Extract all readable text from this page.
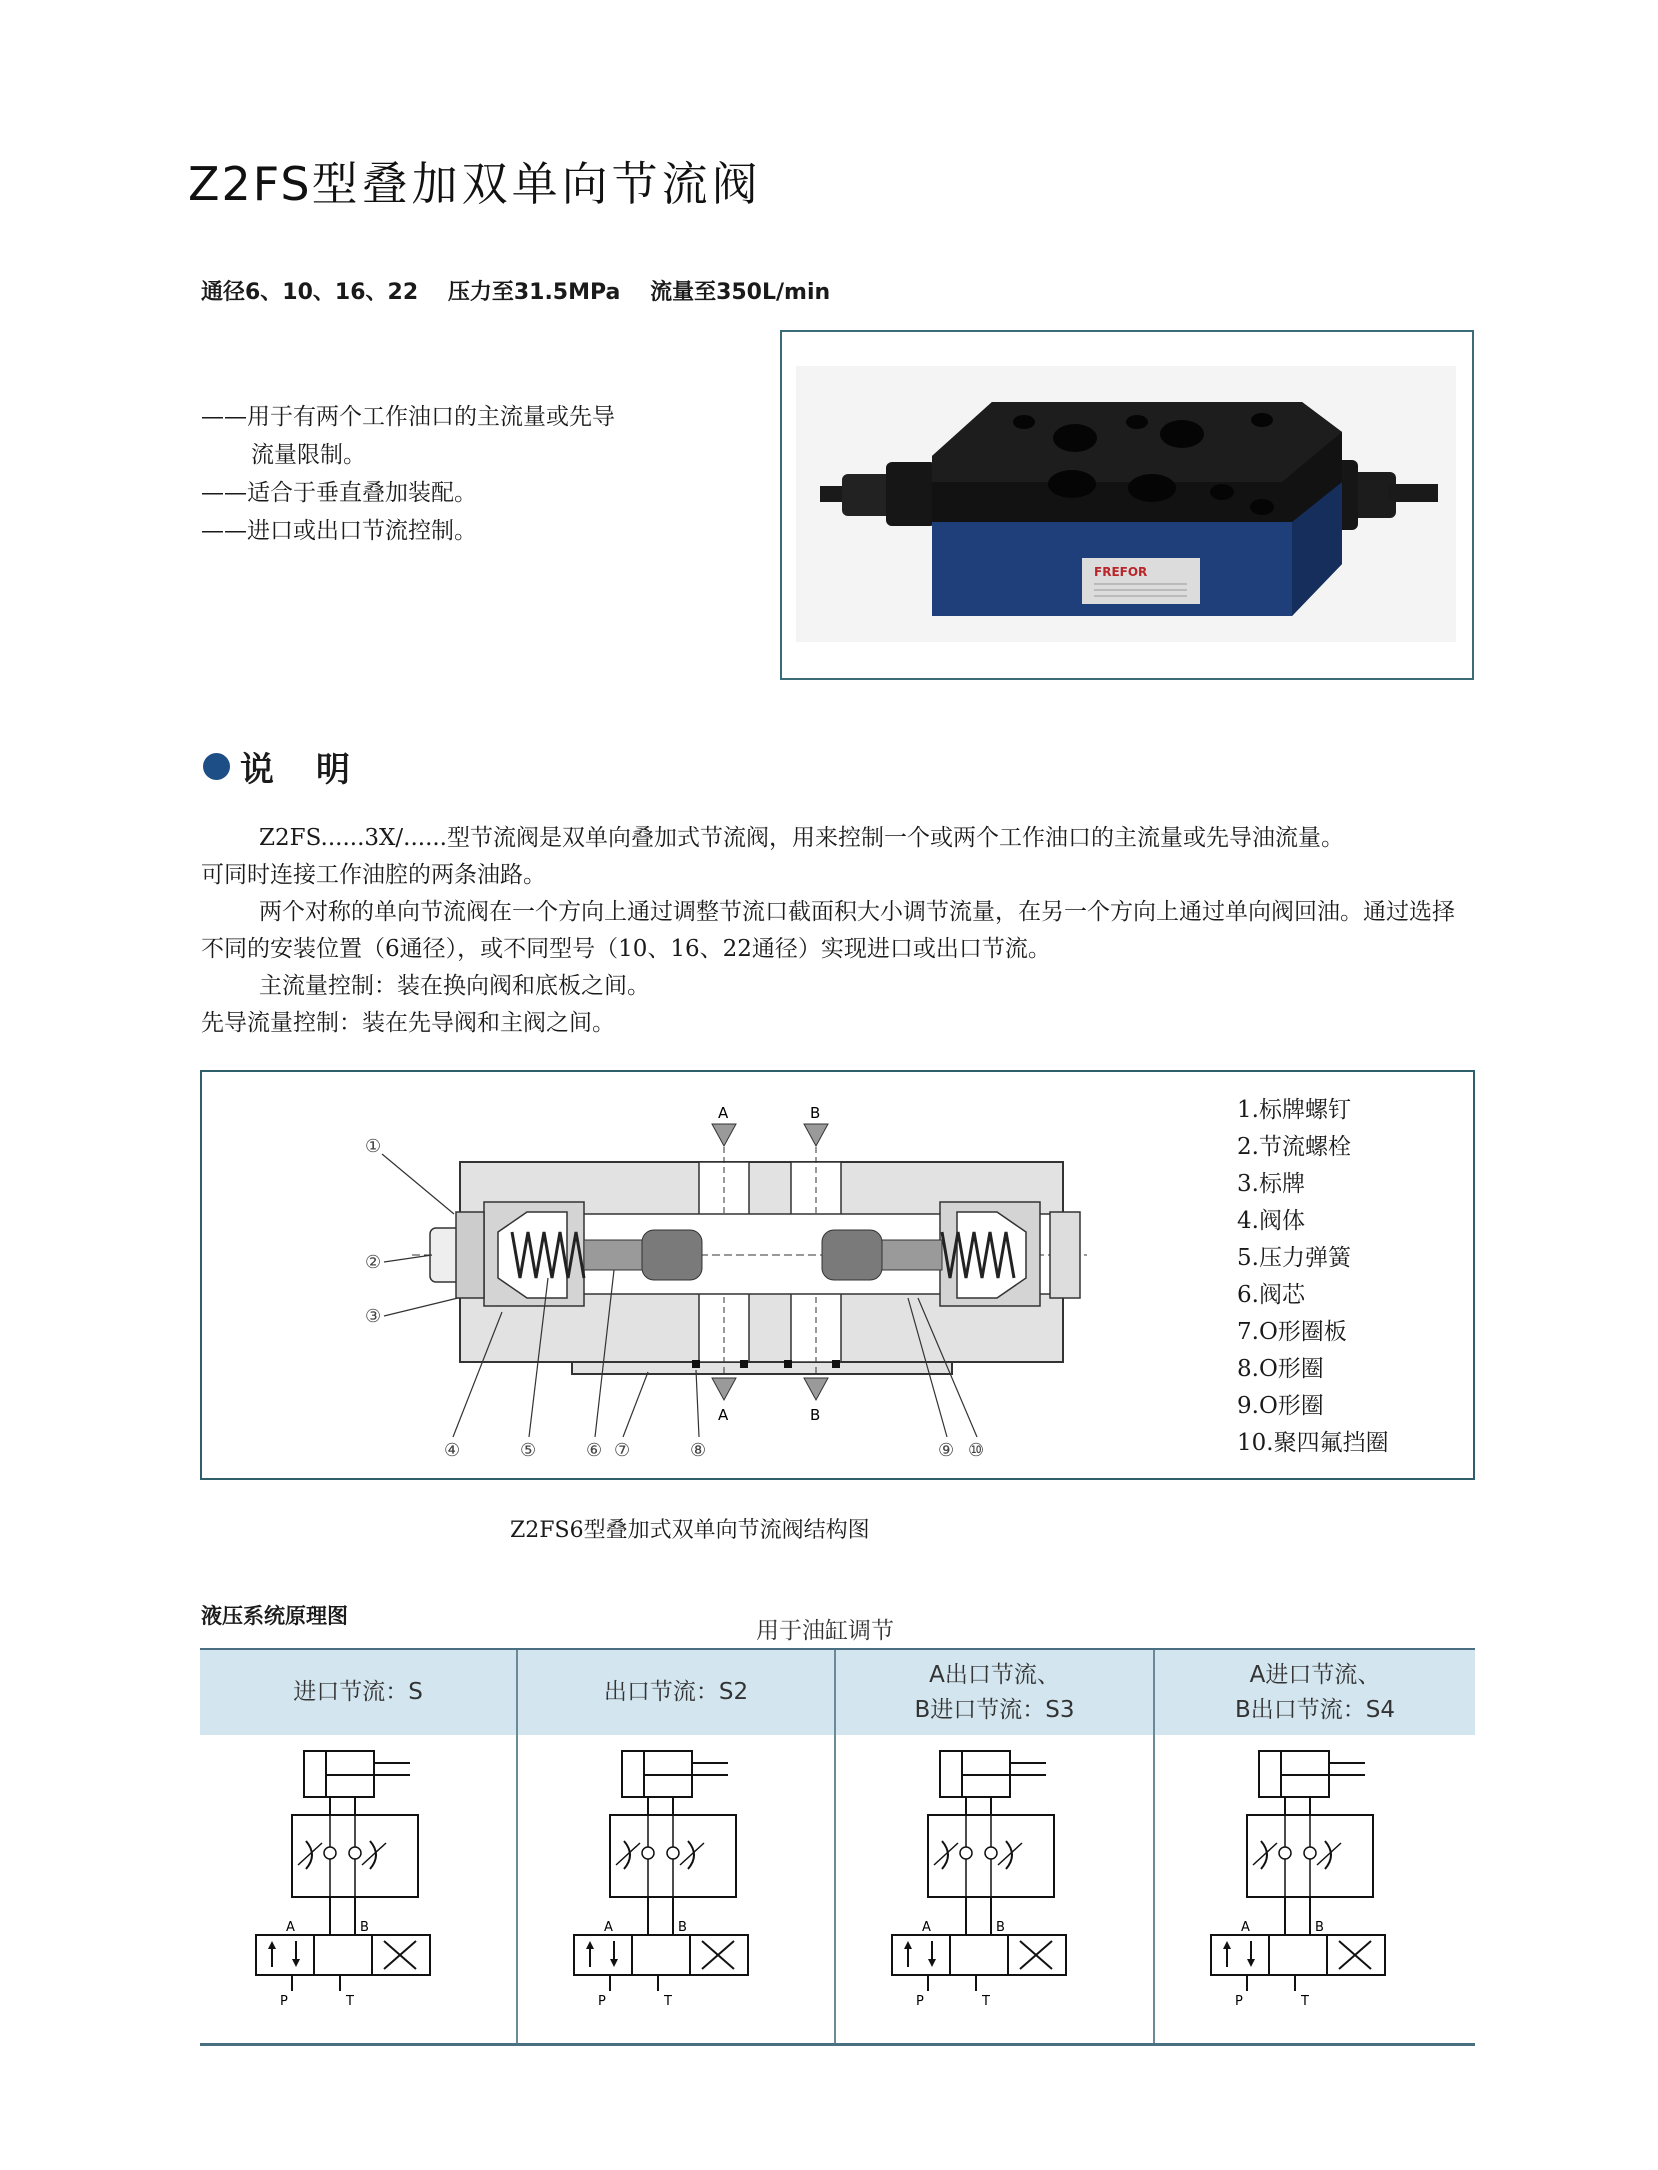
Z2FS型叠加双单向节流阀
通径6、10、16、22 压力至31.5MPa 流量至350L/min
——用于有两个工作油口的主流量或先导
流量限制。
——适合于垂直叠加装配。
——进口或出口节流控制。
FREFOR
说明

Z2FS......3X/......型节流阀是双单向叠加式节流阀，用来控制一个或两个工作油口的主流量或先导油流量。

可同时连接工作油腔的两条油路。

两个对称的单向节流阀在一个方向上通过调整节流口截面积大小调节流量，在另一个方向上通过单向阀回油。通过选择不同的安装位置（6通径），或不同型号（10、16、22通径）实现进口或出口节流。

主流量控制：装在换向阀和底板之间。

先导流量控制：装在先导阀和主阀之间。

A	B
A	B
①
②
③
④	⑤	⑥ ⑦	⑧	⑨ ⑩
1.标牌螺钉
2.节流螺栓
3.标牌
4.阀体
5.压力弹簧
6.阀芯
7.O形圈板
8.O形圈
9.O形圈
10.聚四氟挡圈
Z2FS6型叠加式双单向节流阀结构图
液压系统原理图
用于油缸调节
进口节流：S
A	B
P	T
出口节流：S2
A	B
P	T
A出口节流、
B进口节流：S3
A	B
P	T
A进口节流、
B出口节流：S4
A	B
P	T
